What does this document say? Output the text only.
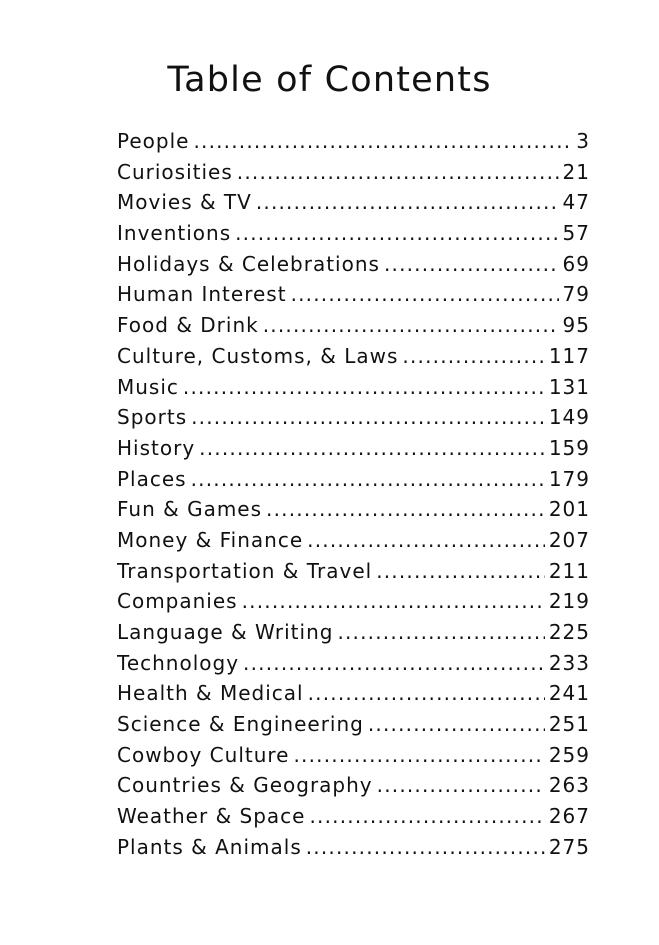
Table of Contents
People .....	3
Curiosities .....	21
Movies & TV .....	47
Inventions .....	57
Holidays & Celebrations .....	69
Human Interest .....	79
Food & Drink .....	95
Culture, Customs, & Laws .....	117
Music .....	131
Sports .....	149
History .....	159
Places .....	179
Fun & Games .....	201
Money & Finance .....	207
Transportation & Travel .....	211
Companies .....	219
Language & Writing .....	225
Technology .....	233
Health & Medical .....	241
Science & Engineering .....	251
Cowboy Culture .....	259
Countries & Geography .....	263
Weather & Space .....	267
Plants & Animals .....	275
